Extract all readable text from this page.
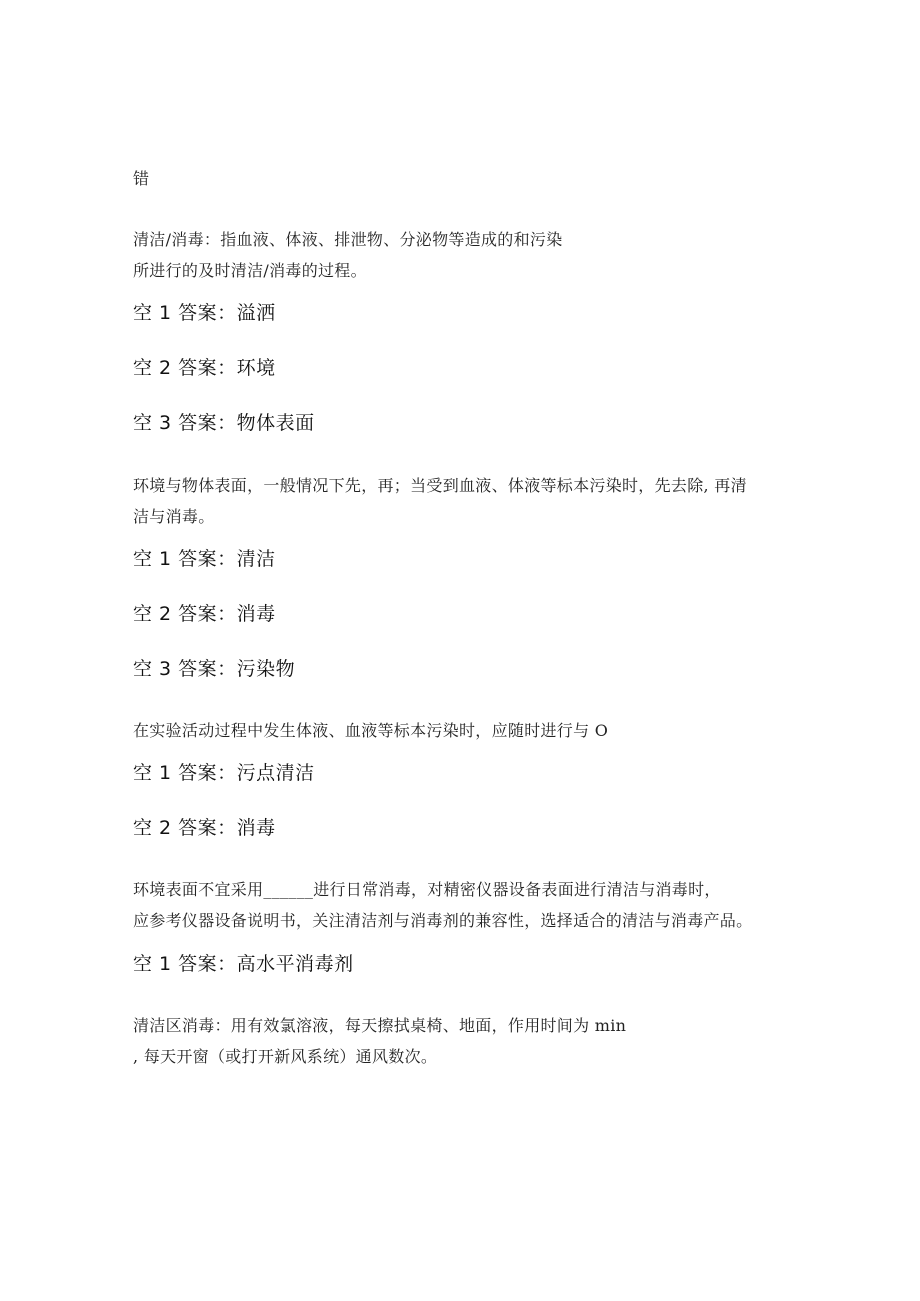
错
清洁/消毒：指血液、体液、排泄物、分泌物等造成的和污染
所进行的及时清洁/消毒的过程。
空 1 答案：溢洒
空 2 答案：环境
空 3 答案：物体表面
环境与物体表面，一般情况下先，再；当受到血液、体液等标本污染时，先去除, 再清
洁与消毒。
空 1 答案：清洁
空 2 答案：消毒
空 3 答案：污染物
在实验活动过程中发生体液、血液等标本污染时，应随时进行与 O
空 1 答案：污点清洁
空 2 答案：消毒
环境表面不宜采用______进行日常消毒，对精密仪器设备表面进行清洁与消毒时，
应参考仪器设备说明书，关注清洁剂与消毒剂的兼容性，选择适合的清洁与消毒产品。
空 1 答案：高水平消毒剂
清洁区消毒：用有效氯溶液，每天擦拭桌椅、地面，作用时间为 min
, 每天开窗（或打开新风系统）通风数次。
